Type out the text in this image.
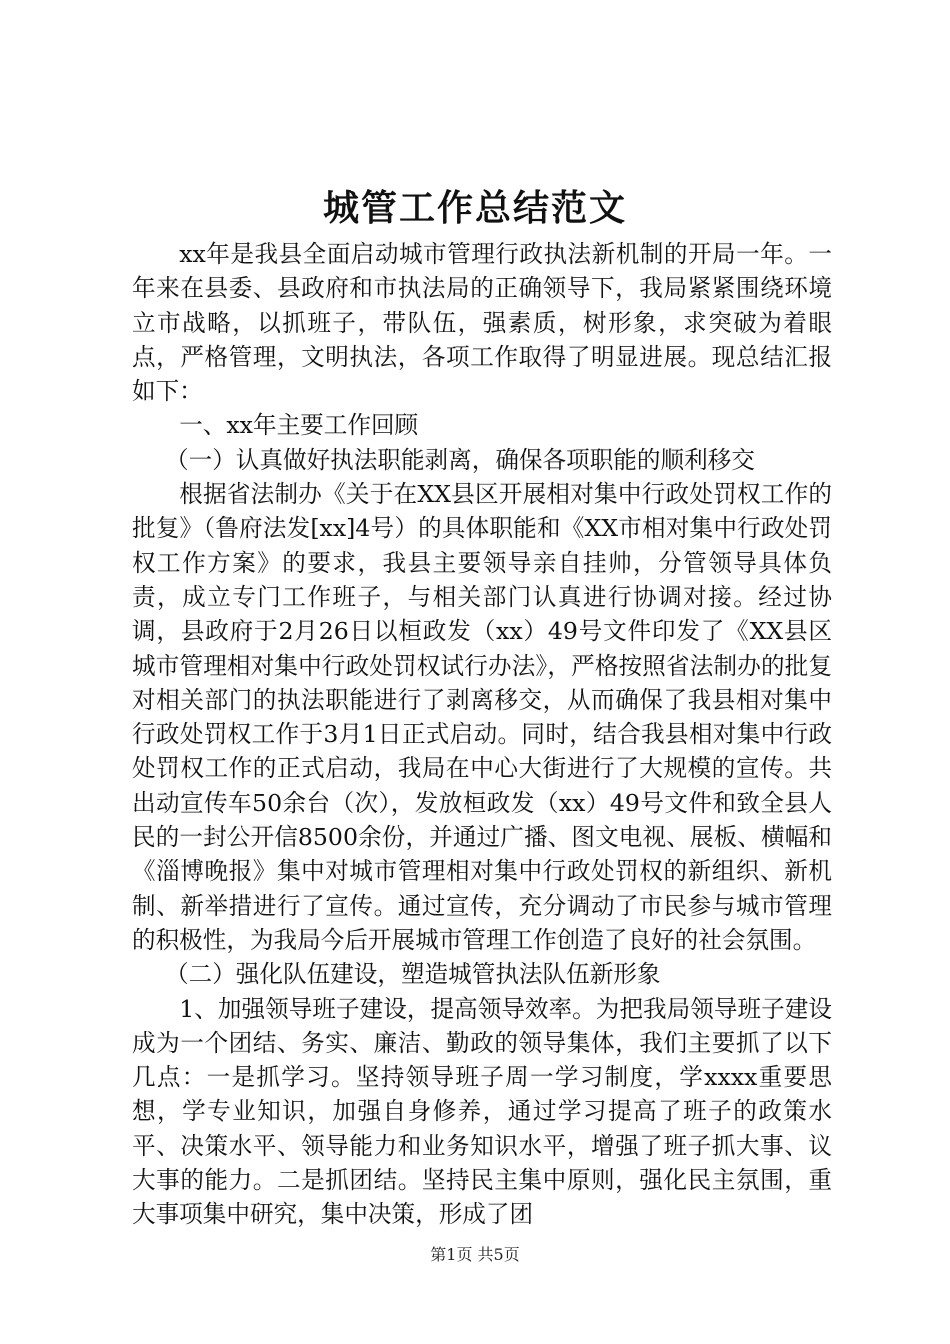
城管工作总结范文

xx年是我县全面启动城市管理行政执法新机制的开局一年。一年来在县委、县政府和市执法局的正确领导下，我局紧紧围绕环境立市战略，以抓班子，带队伍，强素质，树形象，求突破为着眼点，严格管理，文明执法，各项工作取得了明显进展。现总结汇报如下：

一、xx年主要工作回顾

（一）认真做好执法职能剥离，确保各项职能的顺利移交

根据省法制办《关于在XX县区开展相对集中行政处罚权工作的批复》（鲁府法发[xx]4号）的具体职能和《XX市相对集中行政处罚权工作方案》的要求，我县主要领导亲自挂帅，分管领导具体负责，成立专门工作班子，与相关部门认真进行协调对接。经过协调，县政府于2月26日以桓政发（xx）49号文件印发了《XX县区城市管理相对集中行政处罚权试行办法》，严格按照省法制办的批复对相关部门的执法职能进行了剥离移交，从而确保了我县相对集中行政处罚权工作于3月1日正式启动。同时，结合我县相对集中行政处罚权工作的正式启动，我局在中心大街进行了大规模的宣传。共出动宣传车50余台（次），发放桓政发（xx）49号文件和致全县人民的一封公开信8500余份，并通过广播、图文电视、展板、横幅和《淄博晚报》集中对城市管理相对集中行政处罚权的新组织、新机制、新举措进行了宣传。通过宣传，充分调动了市民参与城市管理的积极性，为我局今后开展城市管理工作创造了良好的社会氛围。

（二）强化队伍建设，塑造城管执法队伍新形象

1、加强领导班子建设，提高领导效率。为把我局领导班子建设成为一个团结、务实、廉洁、勤政的领导集体，我们主要抓了以下几点：一是抓学习。坚持领导班子周一学习制度，学xxxx重要思想，学专业知识，加强自身修养，通过学习提高了班子的政策水平、决策水平、领导能力和业务知识水平，增强了班子抓大事、议大事的能力。二是抓团结。坚持民主集中原则，强化民主氛围，重大事项集中研究，集中决策，形成了团

第1页 共5页
